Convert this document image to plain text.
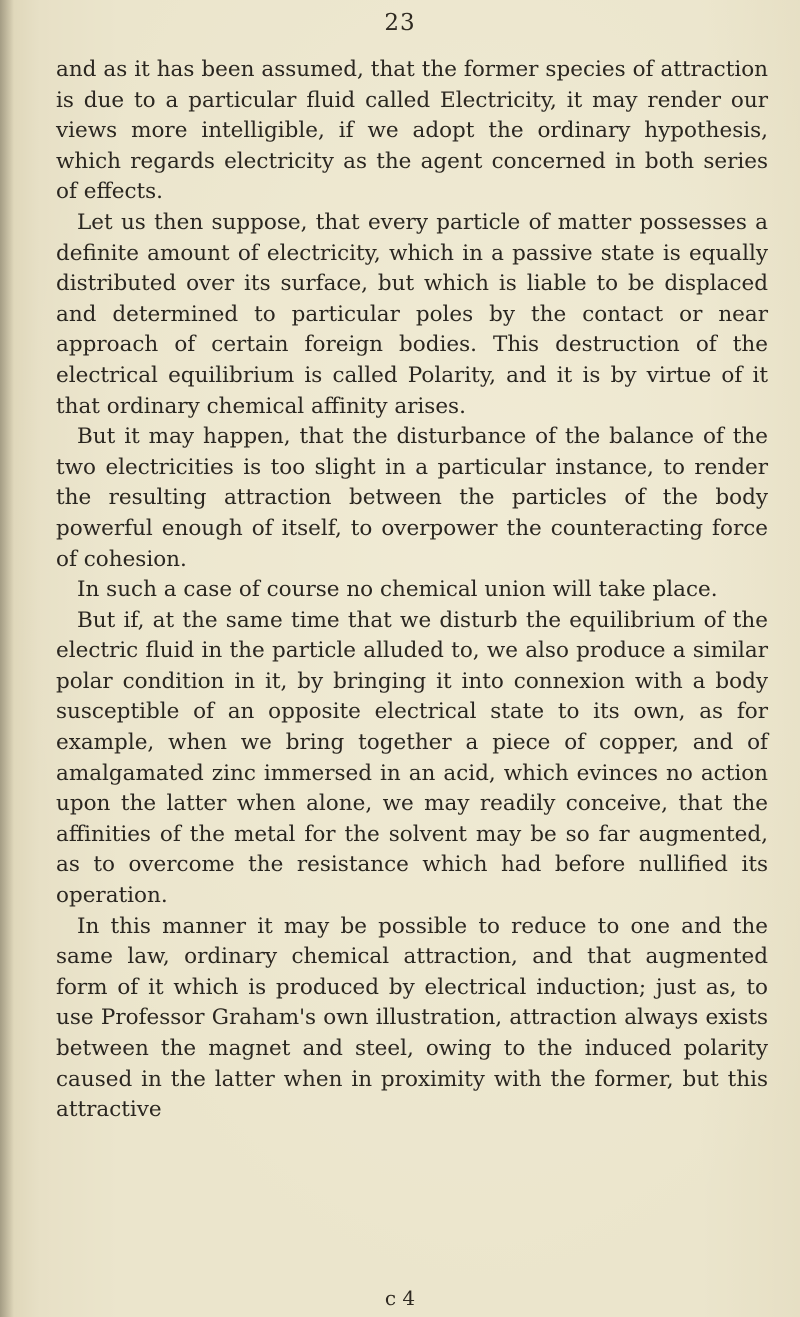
23

and as it has been assumed, that the former species of attraction is due to a particular fluid called Electricity, it may render our views more intelligible, if we adopt the ordinary hypothesis, which regards electricity as the agent concerned in both series of effects.

Let us then suppose, that every particle of matter possesses a definite amount of electricity, which in a passive state is equally distributed over its surface, but which is liable to be displaced and determined to particular poles by the contact or near approach of certain foreign bodies. This destruction of the electrical equilibrium is called Polarity, and it is by virtue of it that ordinary chemical affinity arises.

But it may happen, that the disturbance of the balance of the two electricities is too slight in a particular instance, to render the resulting attraction between the particles of the body powerful enough of itself, to overpower the counteracting force of cohesion.

In such a case of course no chemical union will take place.

But if, at the same time that we disturb the equilibrium of the electric fluid in the particle alluded to, we also produce a similar polar condition in it, by bringing it into connexion with a body susceptible of an opposite electrical state to its own, as for example, when we bring together a piece of copper, and of amalgamated zinc immersed in an acid, which evinces no action upon the latter when alone, we may readily conceive, that the affinities of the metal for the solvent may be so far augmented, as to overcome the resistance which had before nullified its operation.

In this manner it may be possible to reduce to one and the same law, ordinary chemical attraction, and that augmented form of it which is produced by electrical induction; just as, to use Professor Graham's own illustration, attraction always exists between the magnet and steel, owing to the induced polarity caused in the latter when in proximity with the former, but this attractive

c 4
